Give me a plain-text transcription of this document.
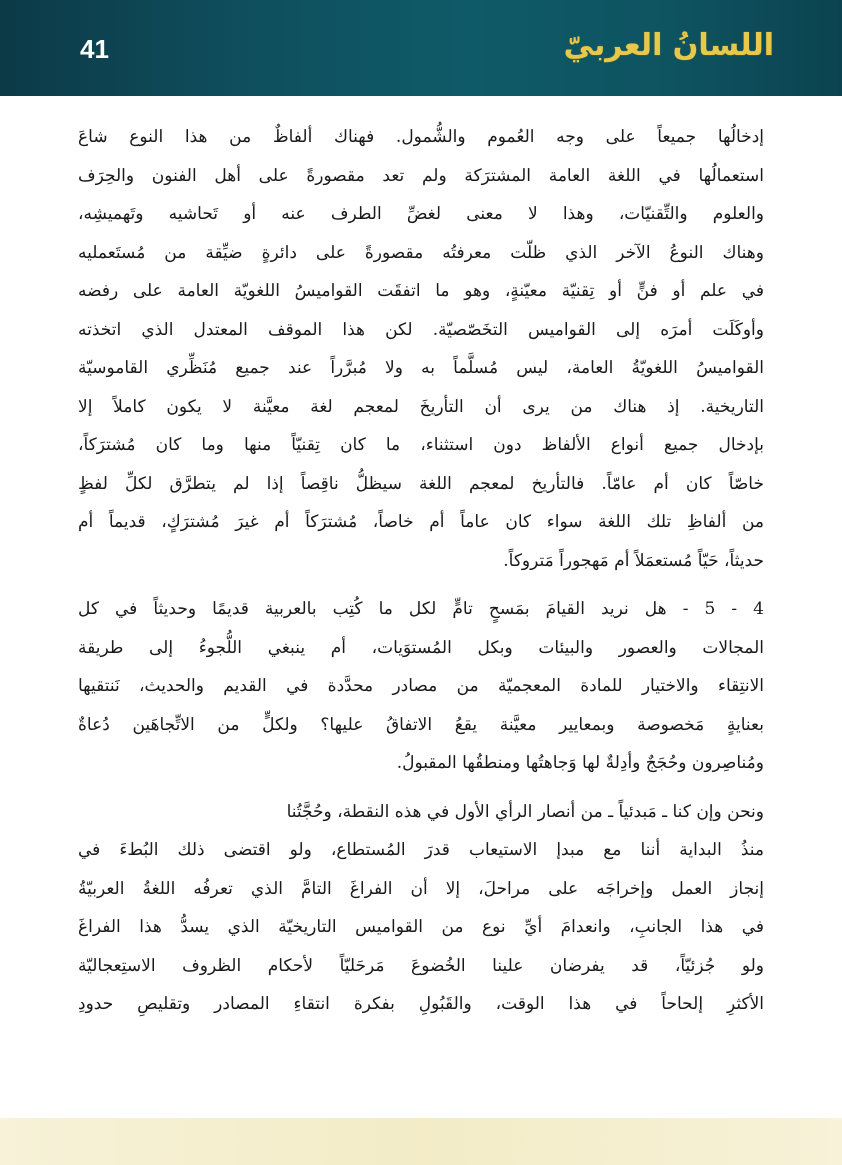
41	اللسانُ العربيّ

إدخالُها جميعاً على وجه العُموم والشُّمول. فهناك ألفاظٌ من هذا النوع شاعَ

استعمالُها في اللغة العامة المشترَكة ولم تعد مقصورةً على أهل الفنون والحِرَف

والعلوم والتِّقنيّات، وهذا لا معنى لغضِّ الطرف عنه أو تَحاشيه وتَهميشِه،

وهناك النوعُ الآخر الذي ظلّت معرفتُه مقصورةً على دائرةٍ ضيِّقة من مُستَعمليه

في علم أو فنٍّ أو تِقنيّة معيّنةٍ، وهو ما اتفقَت القواميسُ اللغويّة العامة على رفضه

وأوكَلَت أمرَه إلى القواميس التخَصّصيّة. لكن هذا الموقف المعتدل الذي اتخذته

القواميسُ اللغويّةُ العامة، ليس مُسلَّماً به ولا مُبرَّراً عند جميع مُنَظِّري القاموسيّة

التاريخية. إذ هناك من يرى أن التأريخَ لمعجم لغة معيَّنة لا يكون كاملاً إلا

بإدخال جميع أنواع الألفاظ دون استثناء، ما كان تِقنيّاً منها وما كان مُشترَكاً،

خاصّاً كان أم عامّاً. فالتأريخ لمعجم اللغة سيظلُّ ناقِصاً إذا لم يتطرَّق لكلِّ لفظٍ

من ألفاظِ تلك اللغة سواء كان عاماً أم خاصاً، مُشترَكاً أم غيرَ مُشترَكٍ، قديماً أم

حديثاً، حَيّاً مُستعمَلاً أم مَهجوراً مَتروكاً.

4 - 5 - هل نريد القيامَ بمَسحٍ تامٍّ لكل ما كُتِب بالعربية قديمًا وحديثاً في كل

المجالات والعصور والبيئات وبكل المُستوَيات، أم ينبغي اللُّجوءُ إلى طريقة

الانتِقاء والاختيار للمادة المعجميّة من مصادر محدَّدة في القديم والحديث، نَنتقيها

بعنايةٍ مَخصوصة وبمعايير معيَّنة يقعُ الاتفاقُ عليها؟ ولكلٍّ من الاتِّجاهَين دُعاةٌ

ومُناصِرون وحُجَجٌ وأدِلةٌ لها وَجاهتُها ومنطقُها المقبولُ.

ونحن وإن كنا ـ مَبدئياً ـ من أنصار الرأي الأول في هذه النقطة، وحُجَّتُنا

منذُ البداية أننا مع مبدإ الاستيعاب قدرَ المُستطاع، ولو اقتضى ذلك البُطءَ في

إنجاز العمل وإخراجَه على مراحلَ، إلا أن الفراغَ التامَّ الذي تعرفُه اللغةُ العربيّةُ

في هذا الجانبِ، وانعدامَ أيِّ نوع من القواميس التاريخيّة الذي يسدُّ هذا الفراغَ

ولو جُزئيّاً، قد يفرضان علينا الخُضوعَ مَرحَليّاً لأحكام الظروف الاستِعجاليّة

الأكثرِ إلحاحاً في هذا الوقت، والقَبُولِ بفكرة انتقاءِ المصادر وتقليصِ حدودِ
